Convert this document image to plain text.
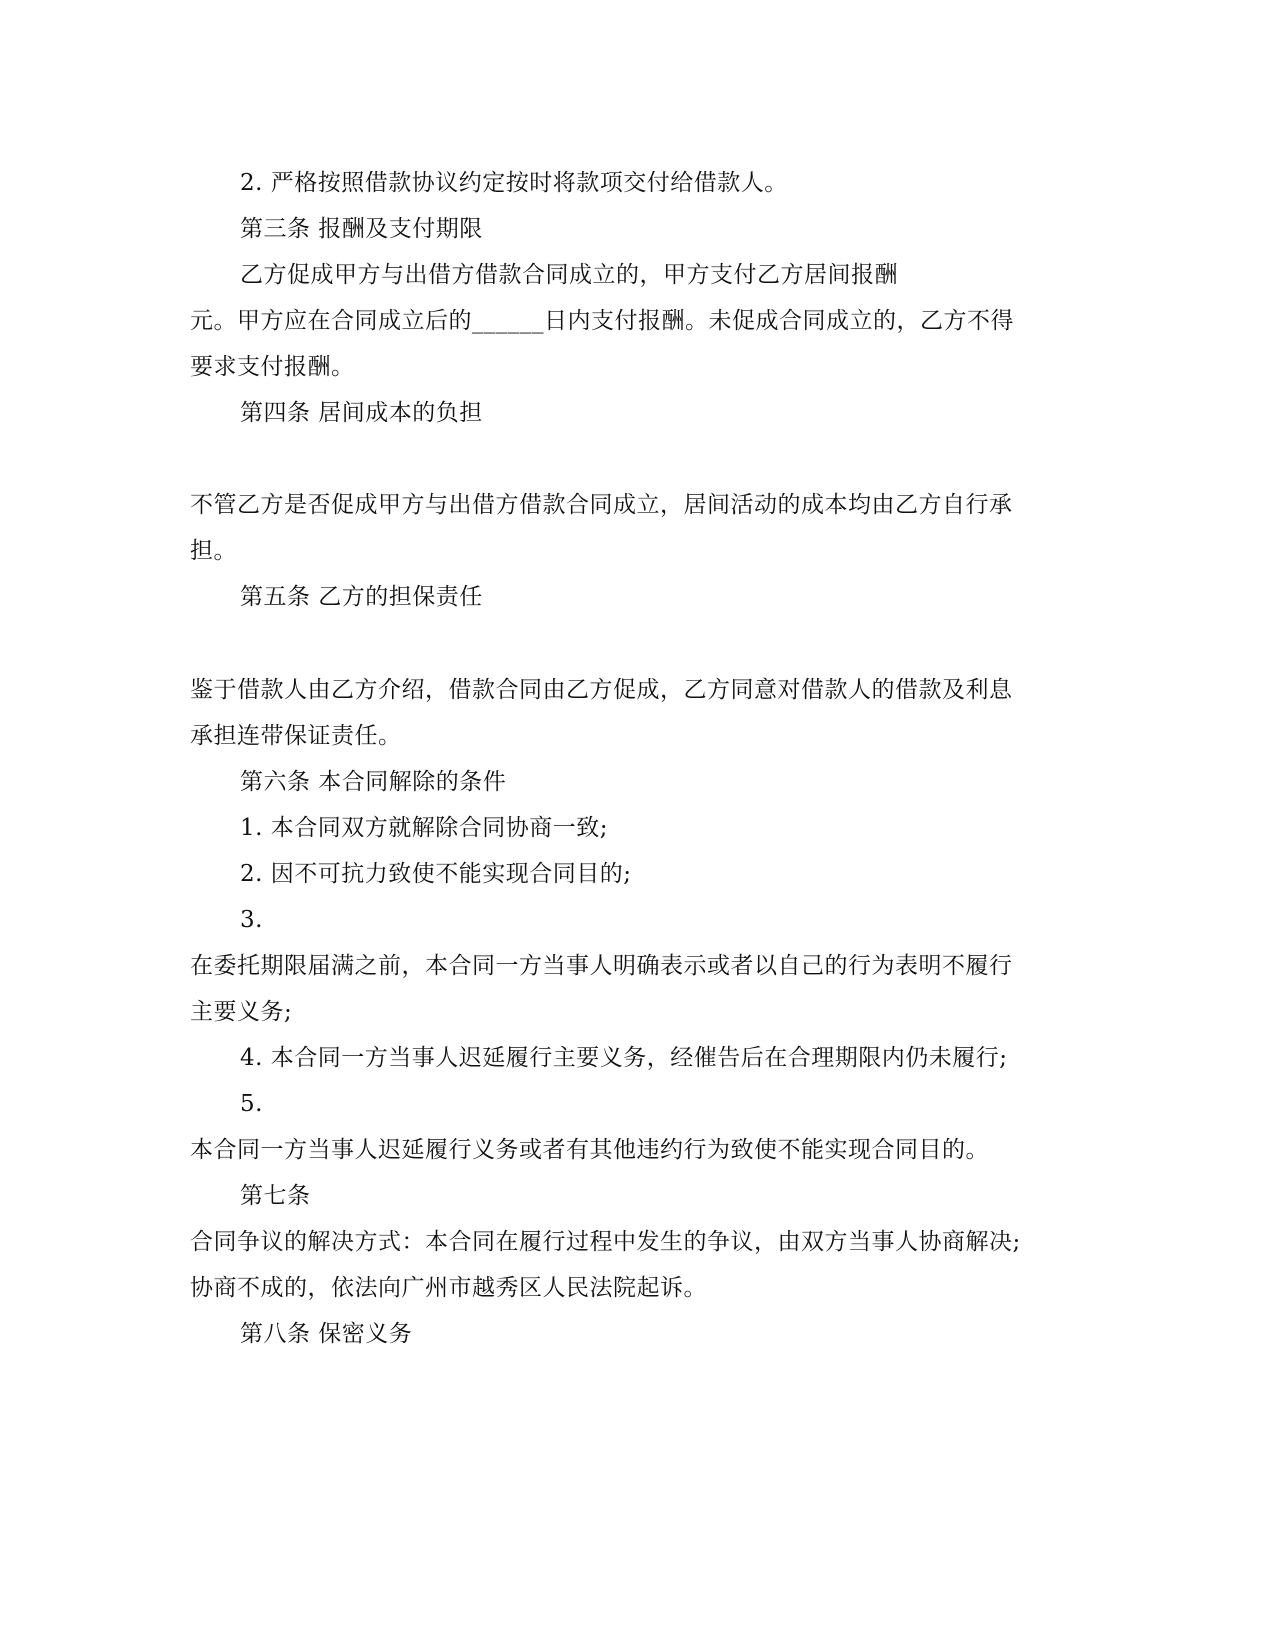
2. 严格按照借款协议约定按时将款项交付给借款人。
第三条 报酬及支付期限
乙方促成甲方与出借方借款合同成立的，甲方支付乙方居间报酬
元。甲方应在合同成立后的______日内支付报酬。未促成合同成立的，乙方不得
要求支付报酬。
第四条 居间成本的负担
不管乙方是否促成甲方与出借方借款合同成立，居间活动的成本均由乙方自行承
担。
第五条 乙方的担保责任
鉴于借款人由乙方介绍，借款合同由乙方促成，乙方同意对借款人的借款及利息
承担连带保证责任。
第六条 本合同解除的条件
1. 本合同双方就解除合同协商一致;
2. 因不可抗力致使不能实现合同目的;
3.
在委托期限届满之前，本合同一方当事人明确表示或者以自己的行为表明不履行
主要义务;
4. 本合同一方当事人迟延履行主要义务，经催告后在合理期限内仍未履行;
5.
本合同一方当事人迟延履行义务或者有其他违约行为致使不能实现合同目的。
第七条
合同争议的解决方式：本合同在履行过程中发生的争议，由双方当事人协商解决;
协商不成的，依法向广州市越秀区人民法院起诉。
第八条 保密义务
